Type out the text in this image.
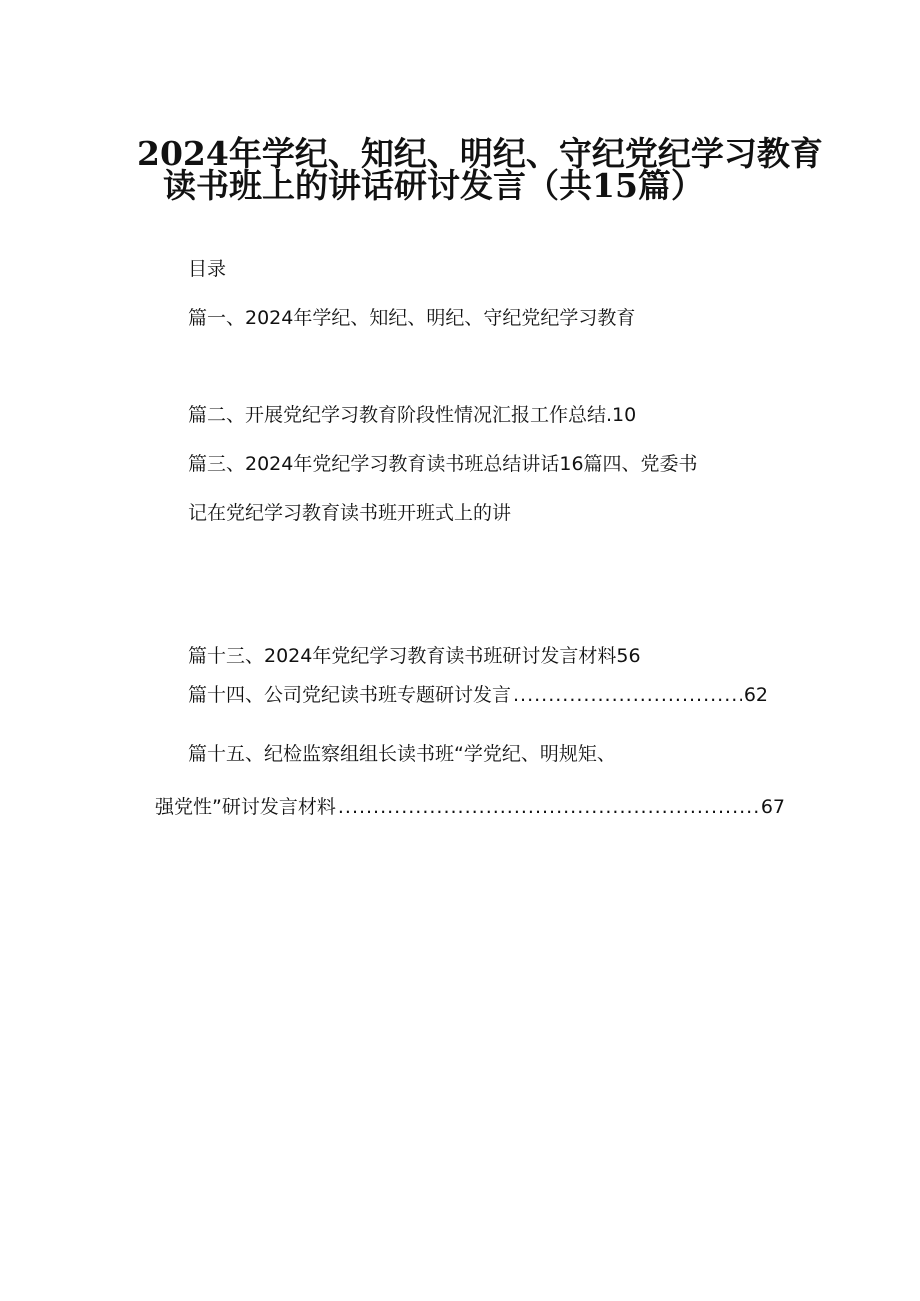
2024年学纪、知纪、明纪、守纪党纪学习教育
读书班上的讲话研讨发言（共15篇）
目录
篇一、2024年学纪、知纪、明纪、守纪党纪学习教育
篇二、开展党纪学习教育阶段性情况汇报工作总结.10
篇三、2024年党纪学习教育读书班总结讲话16篇四、党委书
记在党纪学习教育读书班开班式上的讲
篇十三、2024年党纪学习教育读书班研讨发言材料56
篇十四、公司党纪读书班专题研讨发言 .....	62
篇十五、纪检监察组组长读书班“学党纪、明规矩、
强党性”研讨发言材料 .....	67
